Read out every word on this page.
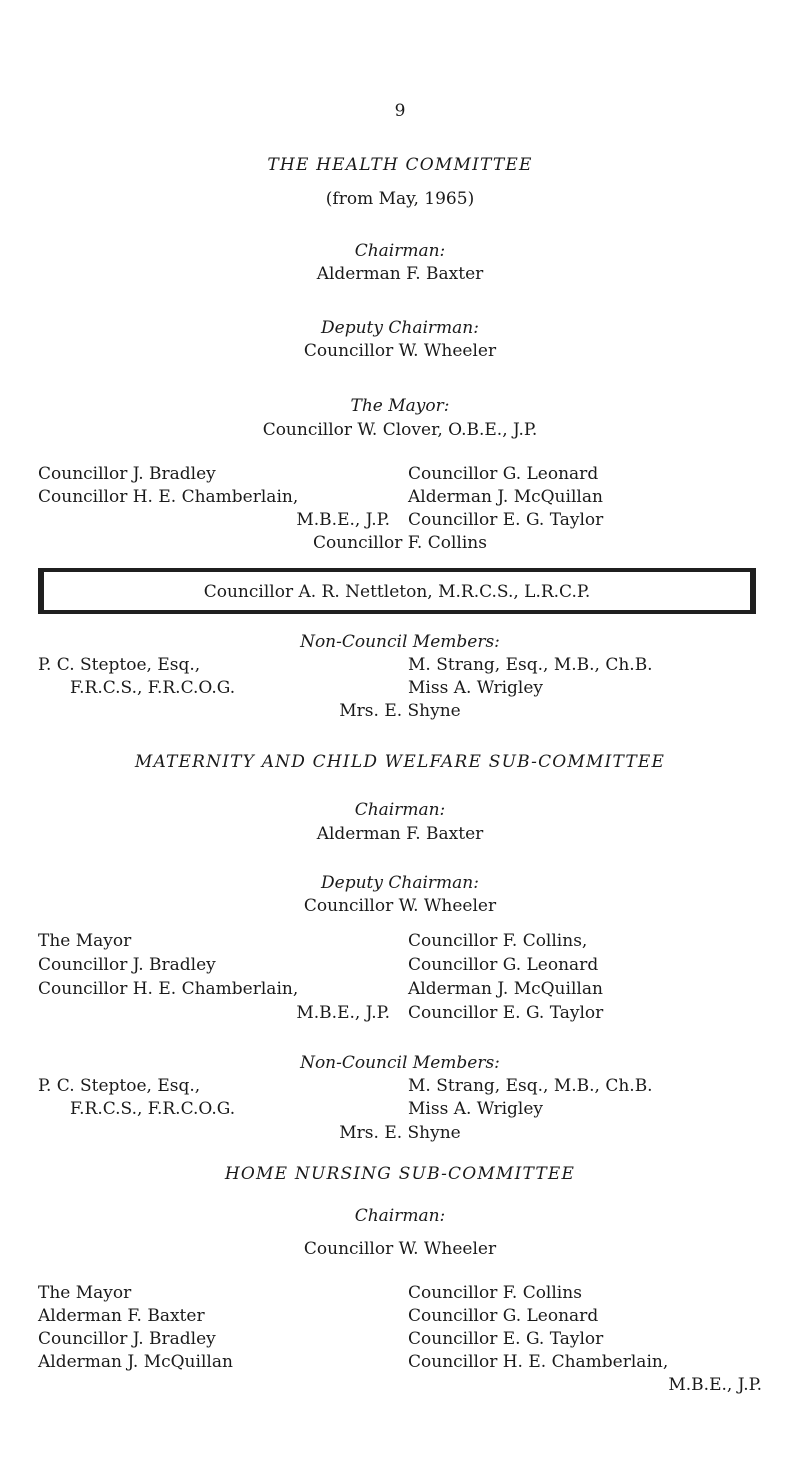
9
THE HEALTH COMMITTEE
(from May, 1965)
Chairman:
Alderman F. Baxter
Deputy Chairman:
Councillor W. Wheeler
The Mayor:
Councillor W. Clover, O.B.E., J.P.
Councillor J. Bradley
Councillor H. E. Chamberlain,
M.B.E., J.P.
Councillor G. Leonard
Alderman J. McQuillan
Councillor E. G. Taylor
Councillor F. Collins
Councillor A. R. Nettleton, M.R.C.S., L.R.C.P.
Non-Council Members:
P. C. Steptoe, Esq.,
F.R.C.S., F.R.C.O.G.
M. Strang, Esq., M.B., Ch.B.
Miss A. Wrigley
Mrs. E. Shyne
MATERNITY AND CHILD WELFARE SUB-COMMITTEE
Chairman:
Alderman F. Baxter
Deputy Chairman:
Councillor W. Wheeler
The Mayor
Councillor J. Bradley
Councillor H. E. Chamberlain,
M.B.E., J.P.
Councillor F. Collins,
Councillor G. Leonard
Alderman J. McQuillan
Councillor E. G. Taylor
Non-Council Members:
P. C. Steptoe, Esq.,
F.R.C.S., F.R.C.O.G.
M. Strang, Esq., M.B., Ch.B.
Miss A. Wrigley
Mrs. E. Shyne
HOME NURSING SUB-COMMITTEE
Chairman:
Councillor W. Wheeler
The Mayor
Alderman F. Baxter
Councillor J. Bradley
Alderman J. McQuillan
Councillor F. Collins
Councillor G. Leonard
Councillor E. G. Taylor
Councillor H. E. Chamberlain,
M.B.E., J.P.
